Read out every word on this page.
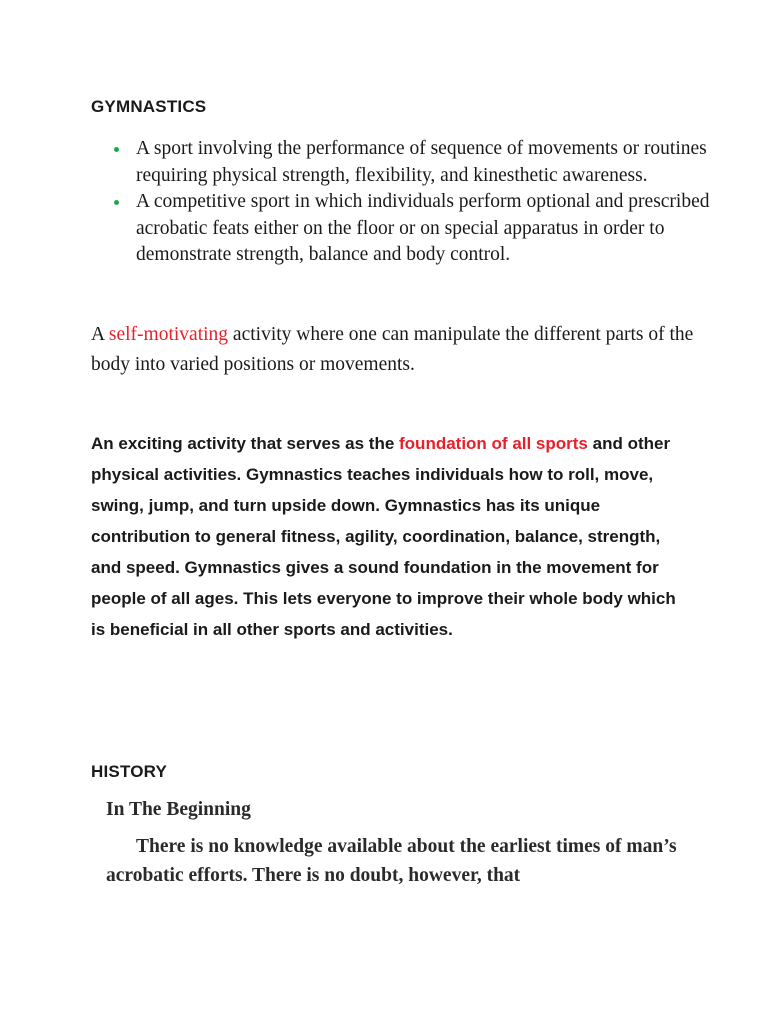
GYMNASTICS
A sport involving the performance of sequence of movements or routines requiring physical strength, flexibility, and kinesthetic awareness.
A competitive sport in which individuals perform optional and prescribed acrobatic feats either on the floor or on special apparatus in order to demonstrate strength, balance and body control.

A self-motivating activity where one can manipulate the different parts of the body into varied positions or movements.

An exciting activity that serves as the foundation of all sports and other physical activities. Gymnastics teaches individuals how to roll, move, swing, jump, and turn upside down. Gymnastics has its unique contribution to general fitness, agility, coordination, balance, strength, and speed. Gymnastics gives a sound foundation in the movement for people of all ages. This lets everyone to improve their whole body which is beneficial in all other sports and activities.

HISTORY
In The Beginning

There is no knowledge available about the earliest times of man’s acrobatic efforts. There is no doubt, however, that
